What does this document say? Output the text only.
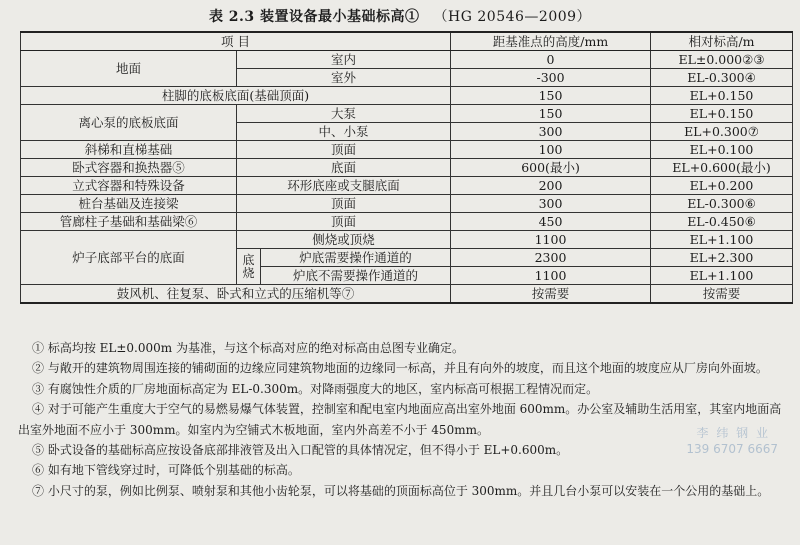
表 2.3 装置设备最小基础标高① （HG 20546—2009）
项 目			距基准点的高度/mm	相对标高/m
地面	室内		0	EL±0.000②③
	室外		-300	EL-0.300④
柱脚的底板底面(基础顶面)			150	EL+0.150
离心泵的底板底面	大泵		150	EL+0.150
	中、小泵		300	EL+0.300⑦
斜梯和直梯基础	顶面		100	EL+0.100
卧式容器和换热器⑤	底面		600(最小)	EL+0.600(最小)
立式容器和特殊设备	环形底座或支腿底面		200	EL+0.200
桩台基础及连接梁	顶面		300	EL-0.300⑥
管廊柱子基础和基础梁⑥	顶面		450	EL-0.450⑥
炉子底部平台的底面	侧烧或顶烧		1100	EL+1.100
	底烧	炉底需要操作通道的	2300	EL+2.300
		炉底不需要操作通道的	1100	EL+1.100
鼓风机、往复泵、卧式和立式的压缩机等⑦			按需要	按需要

① 标高均按 EL±0.000m 为基准，与这个标高对应的绝对标高由总图专业确定。

② 与敞开的建筑物周围连接的铺砌面的边缘应同建筑物地面的边缘同一标高，并且有向外的坡度，而且这个地面的坡度应从厂房向外面坡。

③ 有腐蚀性介质的厂房地面标高定为 EL-0.300m。对降雨强度大的地区，室内标高可根据工程情况而定。

④ 对于可能产生重度大于空气的易燃易爆气体装置，控制室和配电室内地面应高出室外地面 600mm。办公室及辅助生活用室，其室内地面高出室外地面不应小于 300mm。如室内为空铺式木板地面，室内外高差不小于 450mm。

⑤ 卧式设备的基础标高应按设备底部排液管及出入口配管的具体情况定，但不得小于 EL+0.600m。

⑥ 如有地下管线穿过时，可降低个别基础的标高。

⑦ 小尺寸的泵，例如比例泵、喷射泵和其他小齿轮泵，可以将基础的顶面标高位于 300mm。并且几台小泵可以安装在一个公用的基础上。

李 纬 钢 业
139 6707 6667
